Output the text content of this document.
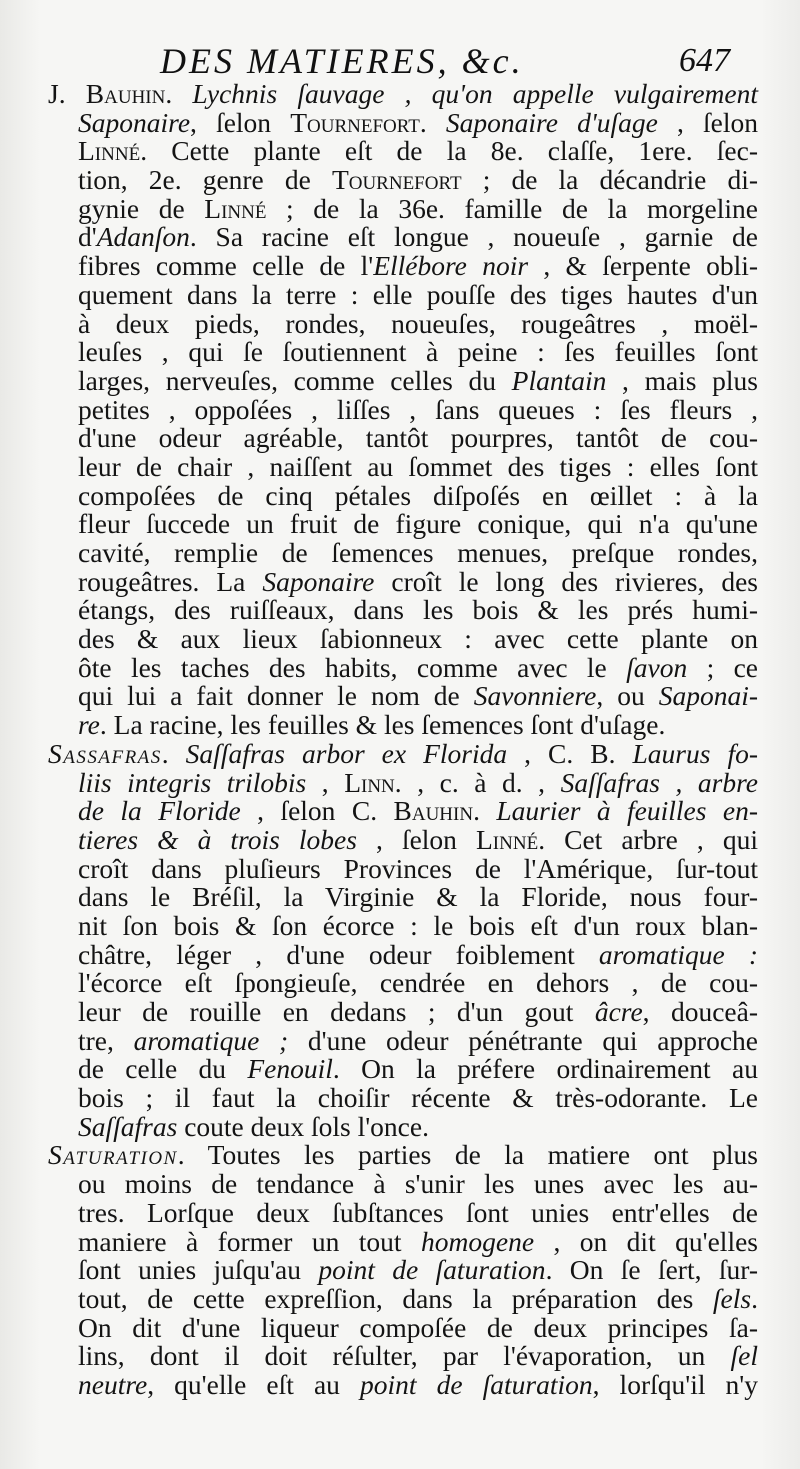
DES MATIERES, &c.	647
J. Bauhin. Lychnis ſauvage , qu'on appelle vulgairement
Saponaire, ſelon Tournefort. Saponaire d'uſage , ſelon
Linné. Cette plante eſt de la 8e. claſſe, 1ere. ſec-
tion, 2e. genre de Tournefort ; de la décandrie di-
gynie de Linné ; de la 36e. famille de la morgeline
d'Adanſon. Sa racine eſt longue , noueuſe , garnie de
fibres comme celle de l'Ellébore noir , & ſerpente obli-
quement dans la terre : elle pouſſe des tiges hautes d'un
à deux pieds, rondes, noueuſes, rougeâtres , moël-
leuſes , qui ſe ſoutiennent à peine : ſes feuilles ſont
larges, nerveuſes, comme celles du Plantain , mais plus
petites , oppoſées , liſſes , ſans queues : ſes fleurs ,
d'une odeur agréable, tantôt pourpres, tantôt de cou-
leur de chair , naiſſent au ſommet des tiges : elles ſont
compoſées de cinq pétales diſpoſés en œillet : à la
fleur ſuccede un fruit de figure conique, qui n'a qu'une
cavité, remplie de ſemences menues, preſque rondes,
rougeâtres. La Saponaire croît le long des rivieres, des
étangs, des ruiſſeaux, dans les bois & les prés humi-
des & aux lieux ſabionneux : avec cette plante on
ôte les taches des habits, comme avec le ſavon ; ce
qui lui a fait donner le nom de Savonniere, ou Saponai-
re. La racine, les feuilles & les ſemences ſont d'uſage.
Sassafras. Saſſafras arbor ex Florida , C. B. Laurus fo-
liis integris trilobis , Linn. , c. à d. , Saſſafras , arbre
de la Floride , ſelon C. Bauhin. Laurier à feuilles en-
tieres & à trois lobes , ſelon Linné. Cet arbre , qui
croît dans pluſieurs Provinces de l'Amérique, ſur-tout
dans le Bréſil, la Virginie & la Floride, nous four-
nit ſon bois & ſon écorce : le bois eſt d'un roux blan-
châtre, léger , d'une odeur foiblement aromatique :
l'écorce eſt ſpongieuſe, cendrée en dehors , de cou-
leur de rouille en dedans ; d'un gout âcre, douceâ-
tre, aromatique ; d'une odeur pénétrante qui approche
de celle du Fenouil. On la préfere ordinairement au
bois ; il faut la choiſir récente & très-odorante. Le
Saſſafras coute deux ſols l'once.
Saturation. Toutes les parties de la matiere ont plus
ou moins de tendance à s'unir les unes avec les au-
tres. Lorſque deux ſubſtances ſont unies entr'elles de
maniere à former un tout homogene , on dit qu'elles
ſont unies juſqu'au point de ſaturation. On ſe ſert, ſur-
tout, de cette expreſſion, dans la préparation des ſels.
On dit d'une liqueur compoſée de deux principes ſa-
lins, dont il doit réſulter, par l'évaporation, un ſel
neutre, qu'elle eſt au point de ſaturation, lorſqu'il n'y
